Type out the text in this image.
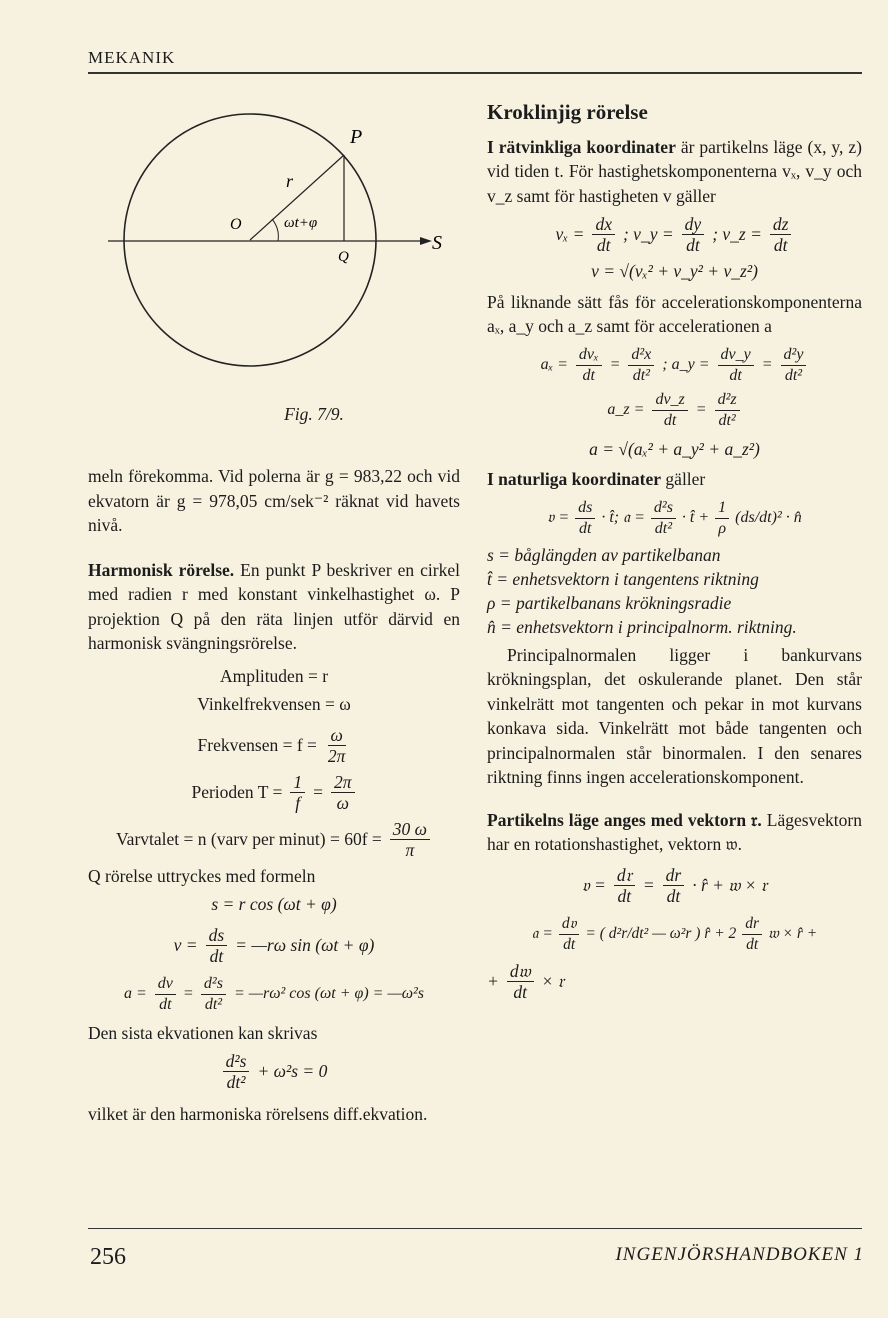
MEKANIK
P
r
O	ωt+φ
Q
S
Fig. 7/9.

meln förekomma. Vid polerna är g = 983,22 och vid ekvatorn är g = 978,05 cm/sek⁻² räknat vid havets nivå.

Harmonisk rörelse. En punkt P beskriver en cirkel med radien r med konstant vinkelhastighet ω. P projektion Q på den räta linjen utför därvid en harmonisk svängningsrörelse.

Amplituden = r
Vinkelfrekvensen = ω
Frekvensen = $f = \frac{\omega}{2\pi}$
Perioden $T = \frac{1}{f} = \frac{2\pi}{\omega}$
Varvtalet = n (varv per minut) = $60f = \frac{30 \omega}{\pi}$

Q rörelse uttryckes med formeln

s = r cos (ωt + φ)
$v = \frac{ds}{dt}$ = —rω sin (ωt + φ)
$a = \frac{dv}{dt} = \frac{\text{d²s}}{\text{dt²}}$ = —rω² cos (ωt + φ) = —ω²s

Den sista ekvationen kan skrivas

$\frac{\text{d²s}}{\text{dt²}} + \omega^2s = 0$

vilket är den harmoniska rörelsens diff.ekvation.

Kroklinjig rörelse

I rätvinkliga koordinater är partikelns läge (x, y, z) vid tiden t. För hastighetskomponenterna vₓ, v_y och v_z samt för hastigheten v gäller

$v_x = \frac{dx}{dt}$ ; v_y = $\frac{dy}{dt}$ ; v_z = $\frac{dz}{dt}$
v = √(vₓ² + v_y² + v_z²)

På liknande sätt fås för accelerationskomponenterna aₓ, a_y och a_z samt för accelerationen a

aₓ =
dvₓ
dt
= $\frac{\text{d²x}}{\text{dt²}}$ ; a_y = $\frac{dv\_y}{dt} = \frac{\text{d²y}}{\text{dt²}}$
a_z = $\frac{dv\_z}{dt} = \frac{\text{d²z}}{\text{dt²}}$
a = √(aₓ² + a_y² + a_z²)

I naturliga koordinater gäller

𝔳 = $\frac{ds}{dt}$ · t̂; 𝔞 = $\frac{\text{d²s}}{\text{dt²}}$ · t̂ + $\frac{1}{\rho} (ds/dt)^2$ · n̂
s = båglängden av partikelbanan
t̂ = enhetsvektorn i tangentens riktning
ρ = partikelbanans krökningsradie
n̂ = enhetsvektorn i principalnorm. riktning.

Principalnormalen ligger i bankurvans krökningsplan, det oskulerande planet. Den står vinkelrätt mot tangenten och pekar in mot kurvans konkava sida. Vinkelrätt mot både tangenten och principalnormalen står binormalen. I den senares riktning finns ingen accelerationskomponent.

Partikelns läge anges med vektorn 𝔯. Lägesvektorn har en rotationshastighet, vektorn 𝔴.

𝔳 =
d𝔯
dt
= $\frac{dr}{dt}$ · r̂ + 𝔴 × 𝔯
𝔞 =
d𝔳
dt
= ( d²r/dt² — ω²r ) r̂ + $2 \frac{dr}{dt}$ 𝔴 × r̂ +
+
d𝔴
dt
× 𝔯
256	INGENJÖRSHANDBOKEN 1
